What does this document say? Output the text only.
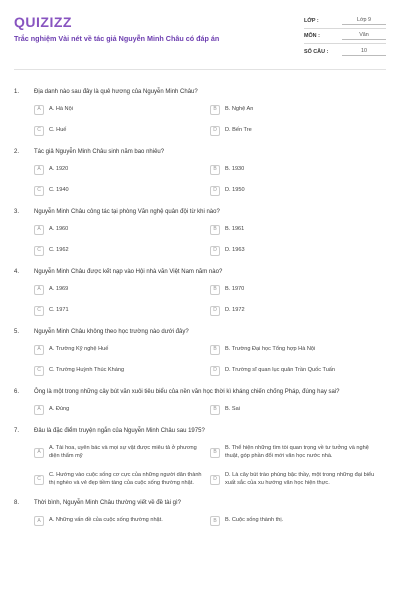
QUIZIZZ
Trắc nghiệm Vài nét về tác giả Nguyễn Minh Châu có đáp án
LỚP :	Lớp 9
MÔN :	Văn
SỐ CÂU :	10
1.	Địa danh nào sau đây là quê hương của Nguyễn Minh Châu?
A	A. Hà Nội	B	B. Nghệ An
C	C. Huế	D	D. Bến Tre
2.	Tác giả Nguyễn Minh Châu sinh năm bao nhiêu?
A	A. 1920	B	B. 1930
C	C. 1940	D	D. 1950
3.	Nguyễn Minh Châu công tác tại phòng Văn nghệ quân đội từ khi nào?
A	A. 1960	B	B. 1961
C	C. 1962	D	D. 1963
4.	Nguyễn Minh Châu được kết nạp vào Hội nhà văn Việt Nam năm nào?
A	A. 1969	B	B. 1970
C	C. 1971	D	D. 1972
5.	Nguyễn Minh Châu không theo học trường nào dưới đây?
A	A. Trường Kỹ nghệ Huế	B	B. Trường Đại học Tổng hợp Hà Nội
C	C. Trường Huỳnh Thúc Kháng	D	D. Trường sĩ quan lục quân Trần Quốc Tuấn
6.	Ông là một trong những cây bút văn xuôi tiêu biểu của nền văn học thời kì kháng chiến chống Pháp, đúng hay sai?
A	A. Đúng	B	B. Sai
7.	Đâu là đặc điểm truyện ngắn của Nguyễn Minh Châu sau 1975?
A
A. Tài hoa, uyên bác và mọi sự vật được miêu tả ở phương diện thẩm mỹ
B
B. Thể hiện những tìm tòi quan trọng về tư tưởng và nghệ thuật, góp phần đổi mới văn học nước nhà.
C
C. Hướng vào cuộc sống cơ cực của những người dân thành thị nghèo và vẻ đẹp tiềm tàng của cuộc sống thường nhật.
D
D. Là cây bút trào phúng bậc thầy, một trong những đại biểu xuất sắc của xu hướng văn học hiện thực.
8.	Thời bình, Nguyễn Minh Châu thường viết về đề tài gì?
A	A. Những vấn đề của cuộc sống thường nhật.	B	B. Cuộc sống thành thị.
